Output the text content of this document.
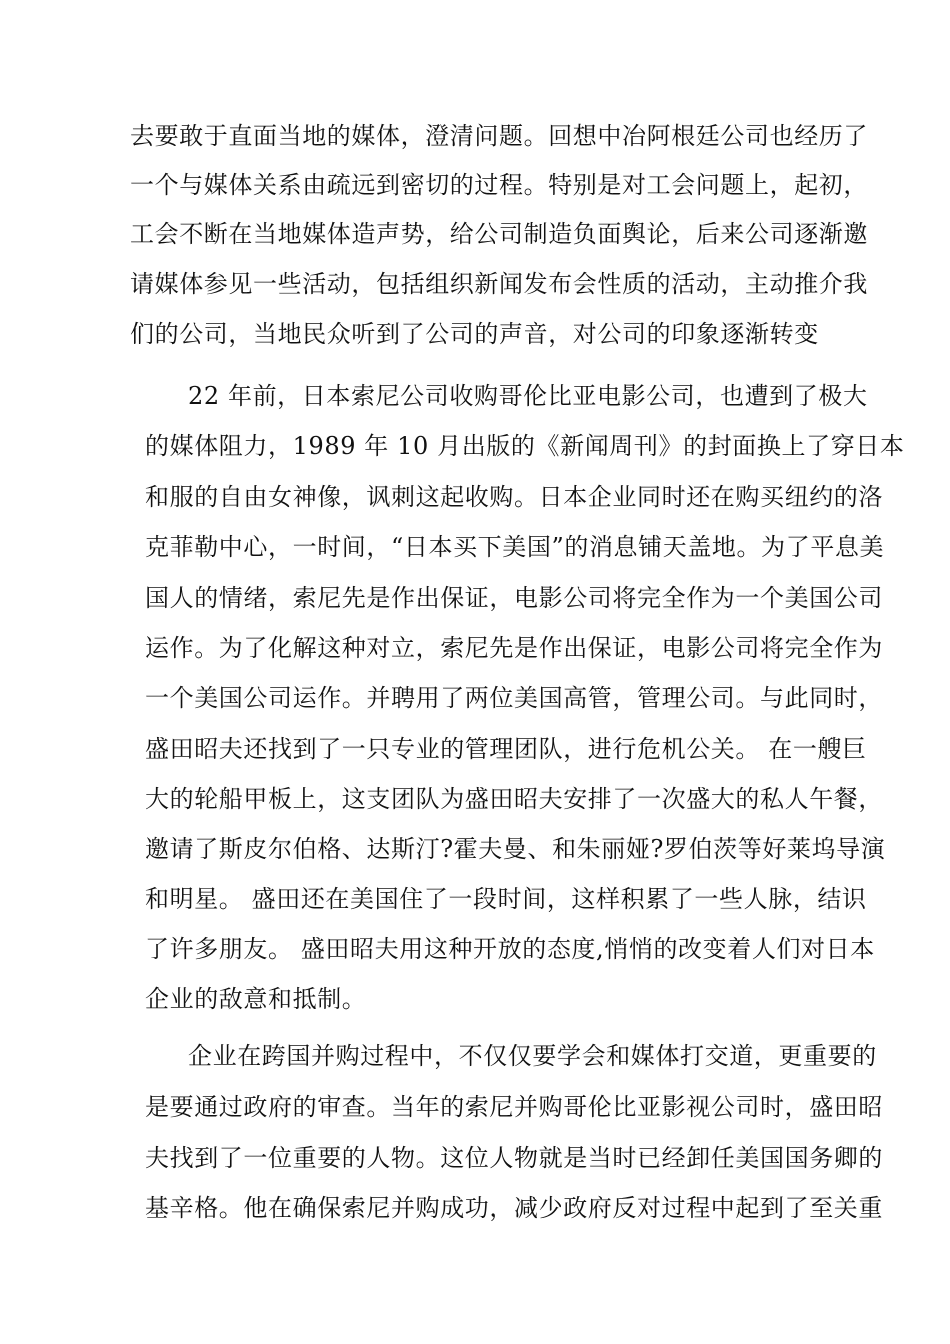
去要敢于直面当地的媒体，澄清问题。回想中冶阿根廷公司也经历了
一个与媒体关系由疏远到密切的过程。特别是对工会问题上，起初，
工会不断在当地媒体造声势，给公司制造负面舆论，后来公司逐渐邀
请媒体参见一些活动，包括组织新闻发布会性质的活动，主动推介我
们的公司，当地民众听到了公司的声音，对公司的印象逐渐转变
22 年前，日本索尼公司收购哥伦比亚电影公司，也遭到了极大
的媒体阻力，1989 年 10 月出版的《新闻周刊》的封面换上了穿日本
和服的自由女神像，讽刺这起收购。日本企业同时还在购买纽约的洛
克菲勒中心，一时间，“日本买下美国”的消息铺天盖地。为了平息美
国人的情绪，索尼先是作出保证，电影公司将完全作为一个美国公司
运作。为了化解这种对立，索尼先是作出保证，电影公司将完全作为
一个美国公司运作。并聘用了两位美国高管，管理公司。与此同时，
盛田昭夫还找到了一只专业的管理团队，进行危机公关。 在一艘巨
大的轮船甲板上，这支团队为盛田昭夫安排了一次盛大的私人午餐，
邀请了斯皮尔伯格、达斯汀?霍夫曼、和朱丽娅?罗伯茨等好莱坞导演
和明星。 盛田还在美国住了一段时间，这样积累了一些人脉，结识
了许多朋友。 盛田昭夫用这种开放的态度,悄悄的改变着人们对日本
企业的敌意和抵制。
企业在跨国并购过程中，不仅仅要学会和媒体打交道，更重要的
是要通过政府的审查。当年的索尼并购哥伦比亚影视公司时，盛田昭
夫找到了一位重要的人物。这位人物就是当时已经卸任美国国务卿的
基辛格。他在确保索尼并购成功，减少政府反对过程中起到了至关重
